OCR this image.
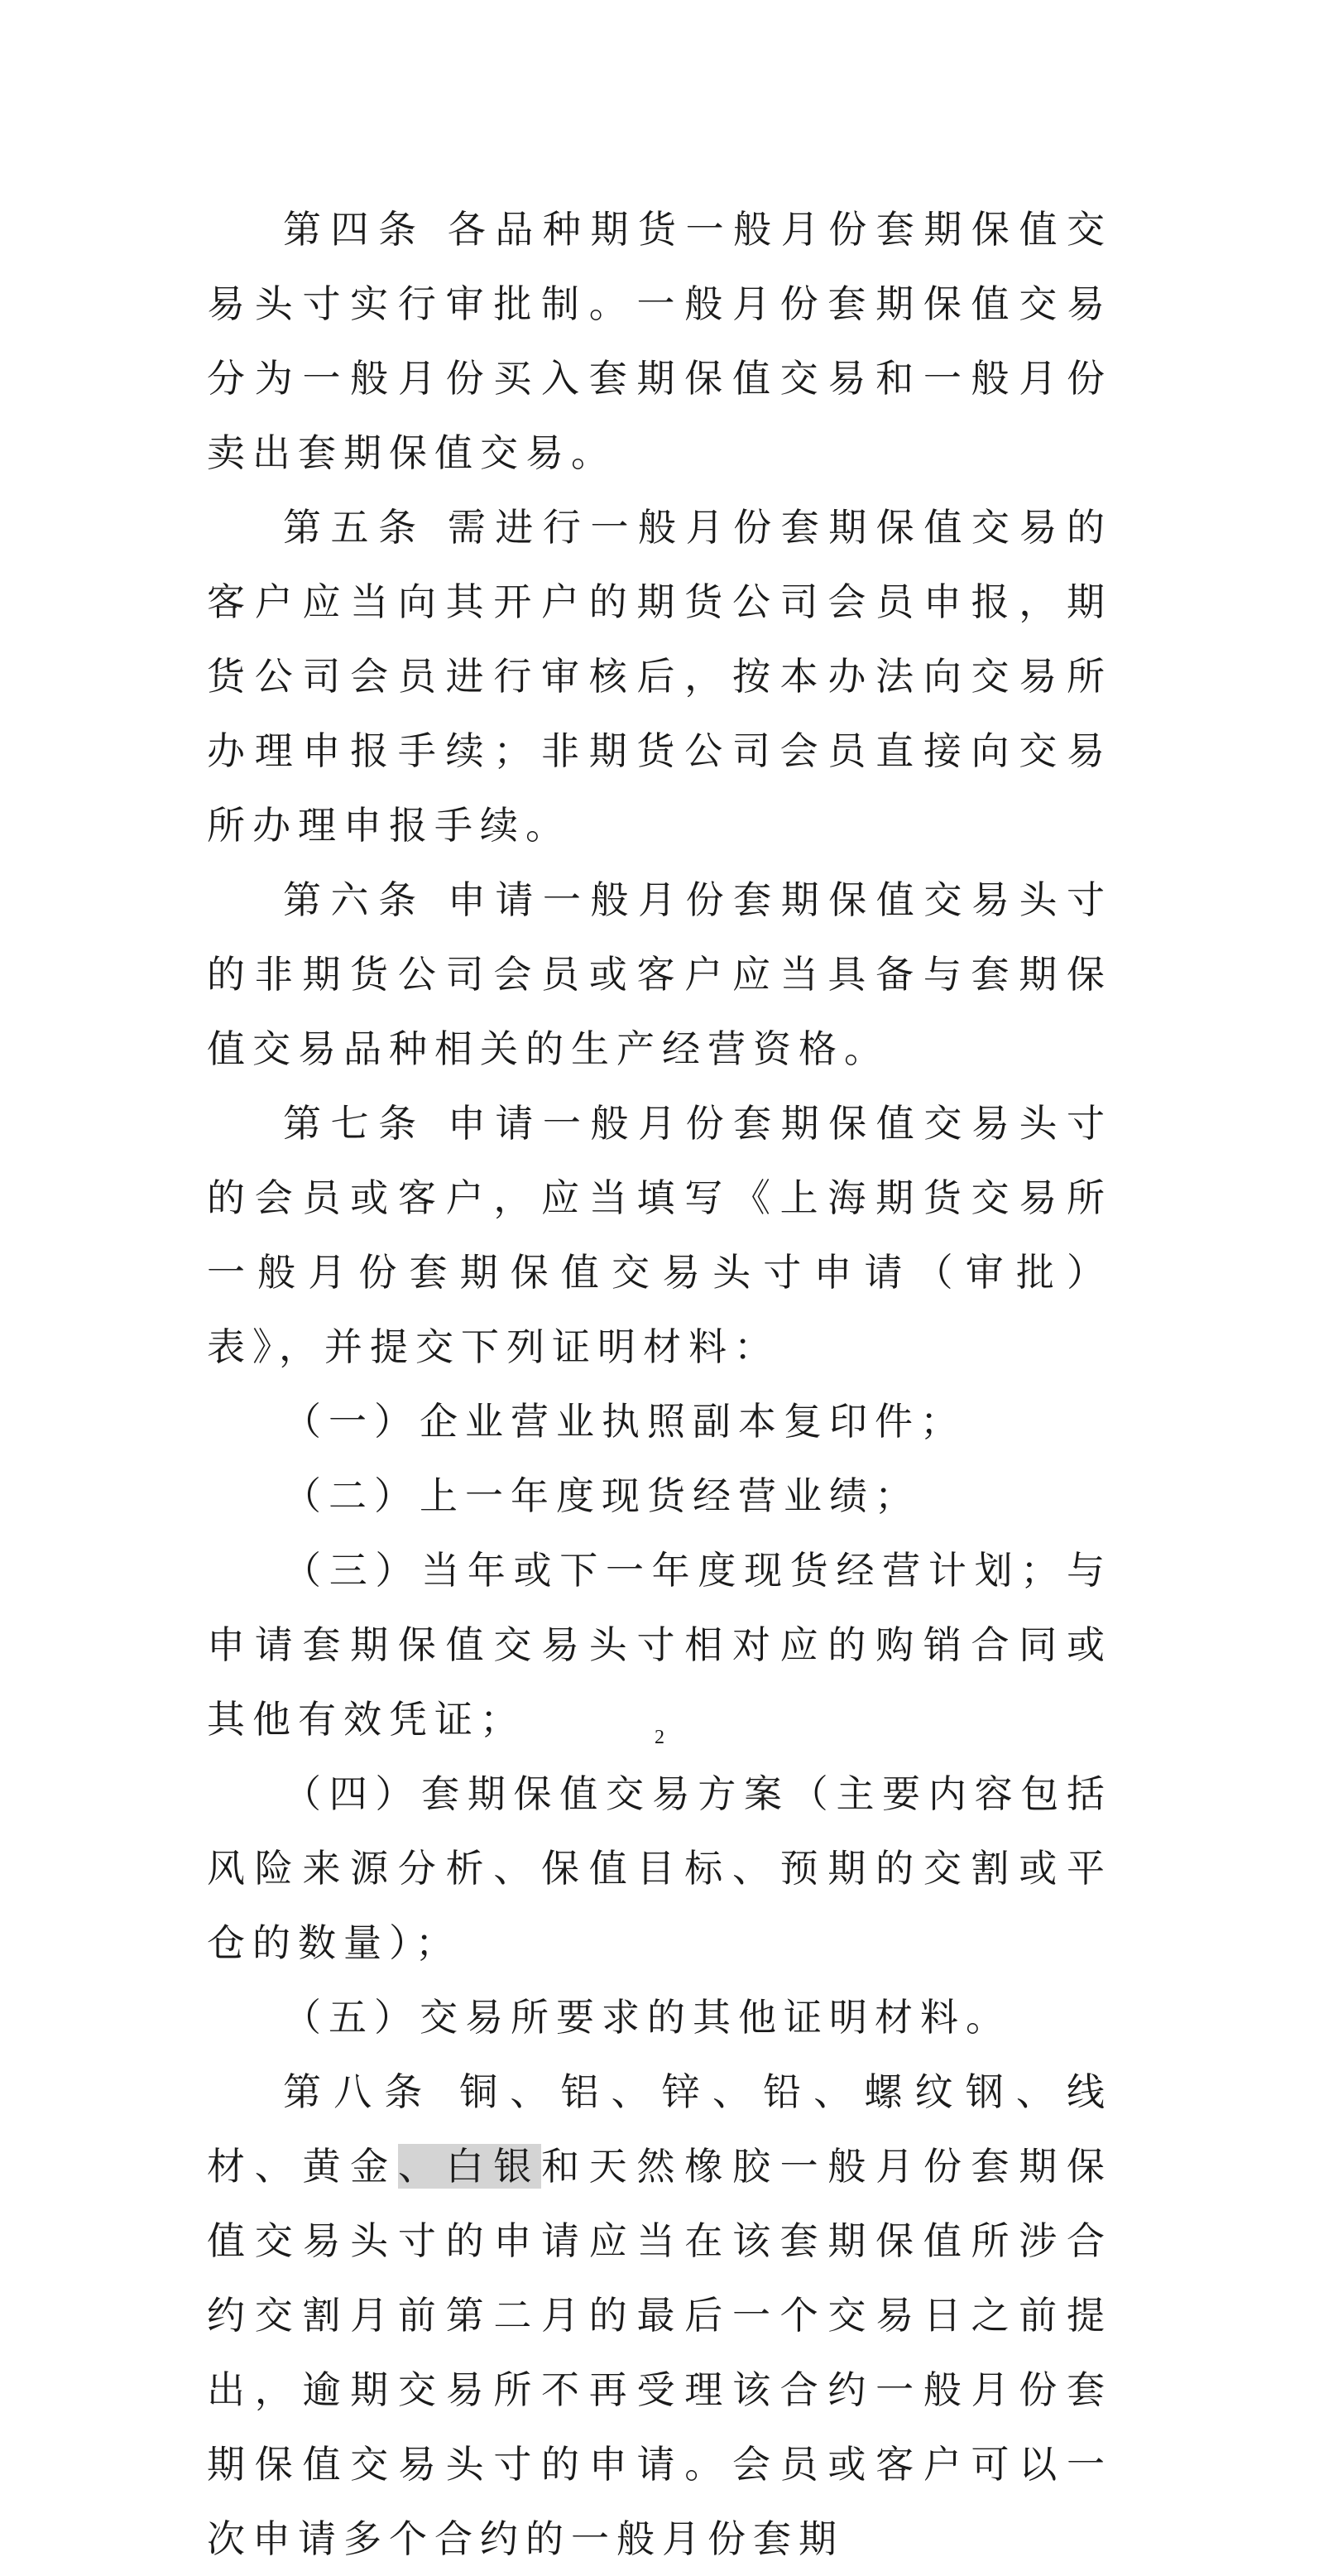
第四条 各品种期货一般月份套期保值交易头寸实行审批制。一般月份套期保值交易分为一般月份买入套期保值交易和一般月份卖出套期保值交易。

第五条 需进行一般月份套期保值交易的客户应当向其开户的期货公司会员申报，期货公司会员进行审核后，按本办法向交易所办理申报手续；非期货公司会员直接向交易所办理申报手续。

第六条 申请一般月份套期保值交易头寸的非期货公司会员或客户应当具备与套期保值交易品种相关的生产经营资格。

第七条 申请一般月份套期保值交易头寸的会员或客户，应当填写《上海期货交易所一般月份套期保值交易头寸申请（审批）表》，并提交下列证明材料：

（一）企业营业执照副本复印件；

（二）上一年度现货经营业绩；

（三）当年或下一年度现货经营计划；与申请套期保值交易头寸相对应的购销合同或其他有效凭证；

（四）套期保值交易方案（主要内容包括风险来源分析、保值目标、预期的交割或平仓的数量）；

（五）交易所要求的其他证明材料。

第八条 铜、铝、锌、铅、螺纹钢、线材、黄金、白银和天然橡胶一般月份套期保值交易头寸的申请应当在该套期保值所涉合约交割月前第二月的最后一个交易日之前提出，逾期交易所不再受理该合约一般月份套期保值交易头寸的申请。会员或客户可以一次申请多个合约的一般月份套期

2
